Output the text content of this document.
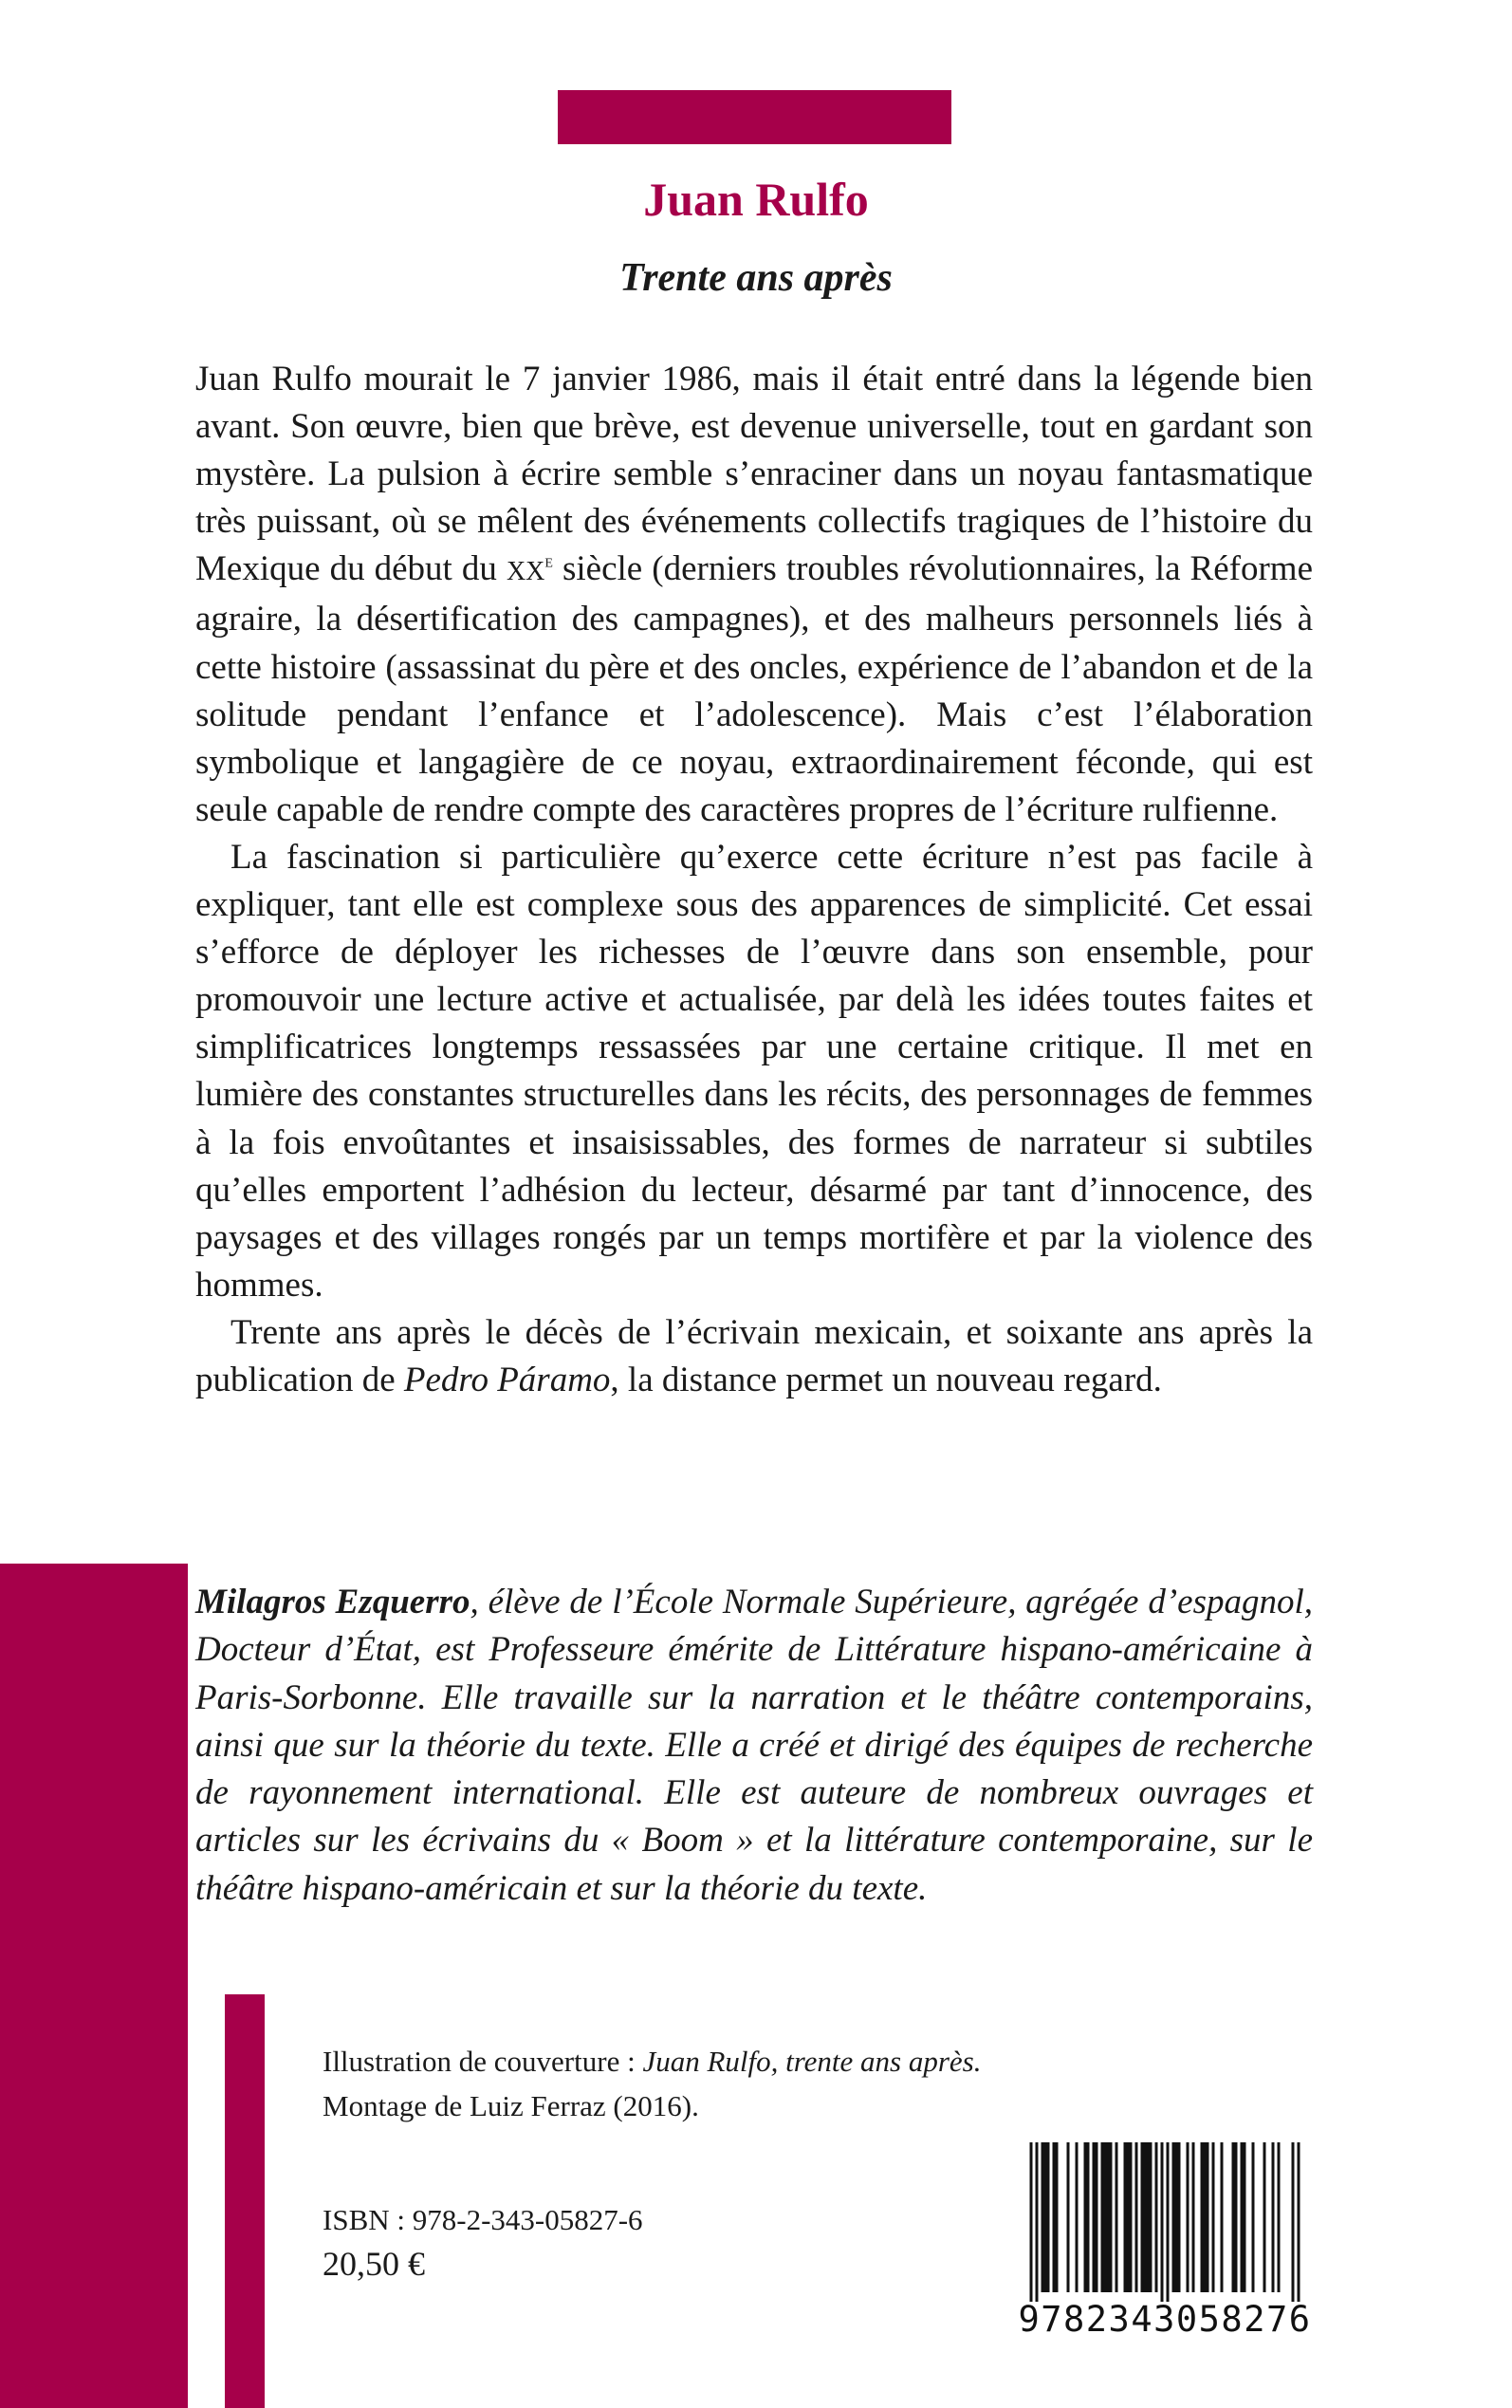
Juan Rulfo
Trente ans après

Juan Rulfo mourait le 7 janvier 1986, mais il était entré dans la légende bien avant. Son œuvre, bien que brève, est devenue universelle, tout en gardant son mystère. La pulsion à écrire semble s’enraciner dans un noyau fantasmatique très puissant, où se mêlent des événements collectifs tragiques de l’histoire du Mexique du début du XXe siècle (derniers troubles révolutionnaires, la Réforme agraire, la désertification des campagnes), et des malheurs personnels liés à cette histoire (assassinat du père et des oncles, expérience de l’abandon et de la solitude pendant l’enfance et l’adolescence). Mais c’est l’élaboration symbolique et langagière de ce noyau, extraordinairement féconde, qui est seule capable de rendre compte des caractères propres de l’écriture rulfienne.

La fascination si particulière qu’exerce cette écriture n’est pas facile à expliquer, tant elle est complexe sous des apparences de simplicité. Cet essai s’efforce de déployer les richesses de l’œuvre dans son ensemble, pour promouvoir une lecture active et actualisée, par delà les idées toutes faites et simplificatrices longtemps ressassées par une certaine critique. Il met en lumière des constantes structurelles dans les récits, des personnages de femmes à la fois envoûtantes et insaisissables, des formes de narrateur si subtiles qu’elles emportent l’adhésion du lecteur, désarmé par tant d’innocence, des paysages et des villages rongés par un temps mortifère et par la violence des hommes.

Trente ans après le décès de l’écrivain mexicain, et soixante ans après la publication de Pedro Páramo, la distance permet un nouveau regard.

Milagros Ezquerro, élève de l’École Normale Supérieure, agrégée d’espagnol, Docteur d’État, est Professeure émérite de Littérature hispano-américaine à Paris-Sorbonne. Elle travaille sur la narration et le théâtre contemporains, ainsi que sur la théorie du texte. Elle a créé et dirigé des équipes de recherche de rayonnement international. Elle est auteure de nombreux ouvrages et articles sur les écrivains du « Boom » et la littérature contemporaine, sur le théâtre hispano-américain et sur la théorie du texte.
Illustration de couverture : Juan Rulfo, trente ans après.
Montage de Luiz Ferraz (2016).
ISBN : 978-2-343-05827-6
20,50 €
9782343058276
